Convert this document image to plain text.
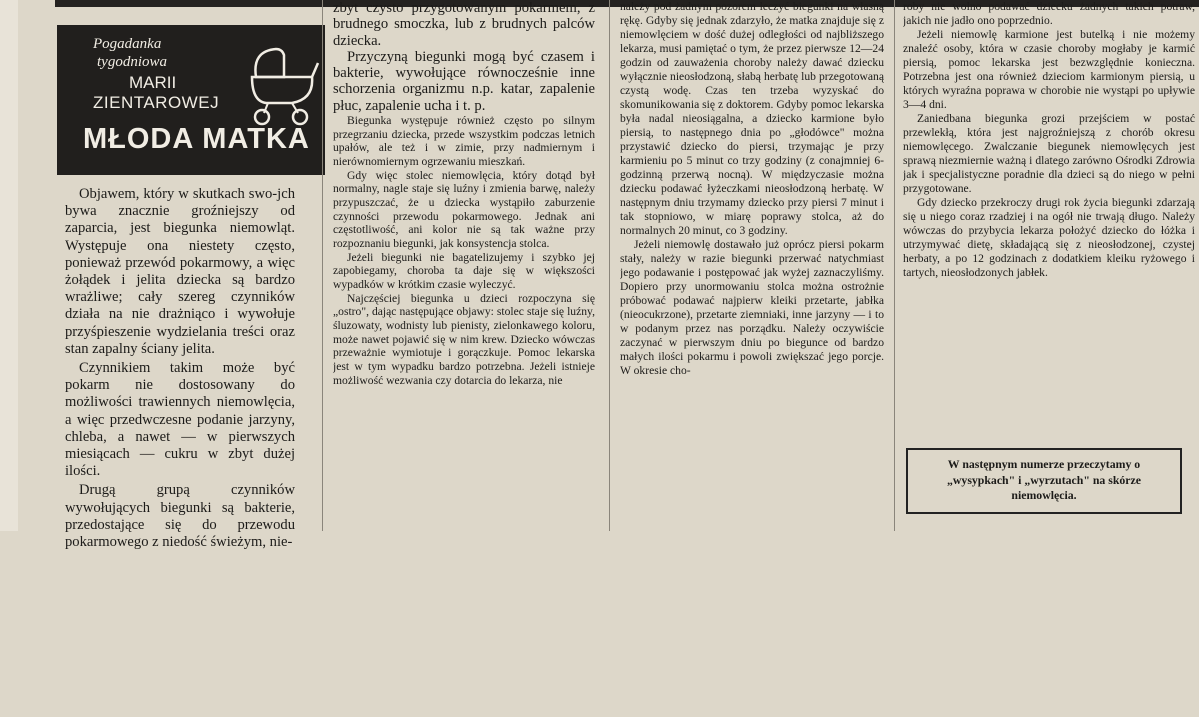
Pogadanka
tygodniowa
MARII
ZIENTAROWEJ
MŁODA MATKA

Objawem, który w skutkach swo-jch bywa znacznie groźniejszy od zaparcia, jest biegunka niemowląt. Występuje ona niestety często, ponieważ przewód pokarmowy, a więc żołądek i jelita dziecka są bardzo wrażliwe; cały szereg czynników działa na nie drażniąco i wywołuje przyśpieszenie wydzielania treści oraz stan zapalny ściany jelita.

Czynnikiem takim może być pokarm nie dostosowany do możliwości trawiennych niemowlęcia, a więc przedwczesne podanie jarzyny, chleba, a nawet — w pierwszych miesiącach — cukru w zbyt dużej ilości.

Drugą grupą czynników wywołujących biegunki są bakterie, przedostające się do przewodu pokarmowego z niedość świeżym, nie-

zbyt czysto przygotowanym pokarmem, z brudnego smoczka, lub z brudnych palców dziecka.

Przyczyną biegunki mogą być czasem i bakterie, wywołujące równocześnie inne schorzenia organizmu n.p. katar, zapalenie płuc, zapalenie ucha i t. p.

Biegunka występuje również często po silnym przegrzaniu dziecka, przede wszystkim podczas letnich upałów, ale też i w zimie, przy nadmiernym i nierównomiernym ogrzewaniu mieszkań.

Gdy więc stolec niemowlęcia, który dotąd był normalny, nagle staje się luźny i zmienia barwę, należy przypuszczać, że u dziecka wystąpiło zaburzenie czynności przewodu pokarmowego. Jednak ani częstotliwość, ani kolor nie są tak ważne przy rozpoznaniu biegunki, jak konsystencja stolca.

Jeżeli biegunki nie bagatelizujemy i szybko jej zapobiegamy, choroba ta daje się w większości wypadków w krótkim czasie wyleczyć.

Najczęściej biegunka u dzieci rozpoczyna się „ostro", dając następujące objawy: stolec staje się luźny, śluzowaty, wodnisty lub pienisty, zielonkawego koloru, może nawet pojawić się w nim krew. Dziecko wówczas przeważnie wymiotuje i gorączkuje. Pomoc lekarska jest w tym wypadku bardzo potrzebna. Jeżeli istnieje możliwość wezwania czy dotarcia do lekarza, nie

należy pod żadnym pozorem leczyć biegunki na własną rękę. Gdyby się jednak zdarzyło, że matka znajduje się z niemowlęciem w dość dużej odległości od najbliższego lekarza, musi pamiętać o tym, że przez pierwsze 12—24 godzin od zauważenia choroby należy dawać dziecku wyłącznie nieosłodzoną, słabą herbatę lub przegotowaną czystą wodę. Czas ten trzeba wyzyskać do skomunikowania się z doktorem. Gdyby pomoc lekarska była nadal nieosiągalna, a dziecko karmione było piersią, to następnego dnia po „głodówce" można przystawić dziecko do piersi, trzymając je przy karmieniu po 5 minut co trzy godziny (z conajmniej 6-godzinną przerwą nocną). W międzyczasie można dziecku podawać łyżeczkami nieosłodzoną herbatę. W następnym dniu trzymamy dziecko przy piersi 7 minut i tak stopniowo, w miarę poprawy stolca, aż do normalnych 20 minut, co 3 godziny.

Jeżeli niemowlę dostawało już oprócz piersi pokarm stały, należy w razie biegunki przerwać natychmiast jego podawanie i postępować jak wyżej zaznaczyliśmy. Dopiero przy unormowaniu stolca można ostrożnie próbować podawać najpierw kleiki przetarte, jabłka (nieocukrzone), przetarte ziemniaki, inne jarzyny — i to w podanym przez nas porządku. Należy oczywiście zaczynać w pierwszym dniu po biegunce od bardzo małych ilości pokarmu i powoli zwiększać jego porcje. W okresie cho-

roby nie wolno podawać dziecku żadnych takich potraw, jakich nie jadło ono poprzednio.

Jeżeli niemowlę karmione jest butelką i nie możemy znaleźć osoby, która w czasie choroby mogłaby je karmić piersią, pomoc lekarska jest bezwzględnie konieczna. Potrzebna jest ona również dzieciom karmionym piersią, u których wyraźna poprawa w chorobie nie wystąpi po upływie 3—4 dni.

Zaniedbana biegunka grozi przejściem w postać przewlekłą, która jest najgroźniejszą z chorób okresu niemowlęcego. Zwalczanie biegunek niemowlęcych jest sprawą niezmiernie ważną i dlatego zarówno Ośrodki Zdrowia jak i specjalistyczne poradnie dla dzieci są do niego w pełni przygotowane.

Gdy dziecko przekroczy drugi rok życia biegunki zdarzają się u niego coraz rzadziej i na ogół nie trwają długo. Należy wówczas do przybycia lekarza położyć dziecko do łóżka i utrzymywać dietę, składającą się z nieosłodzonej, czystej herbaty, a po 12 godzinach z dodatkiem kleiku ryżowego i tartych, nieosłodzonych jabłek.

W następnym numerze przeczytamy o „wysypkach" i „wyrzutach" na skórze niemowlęcia.
